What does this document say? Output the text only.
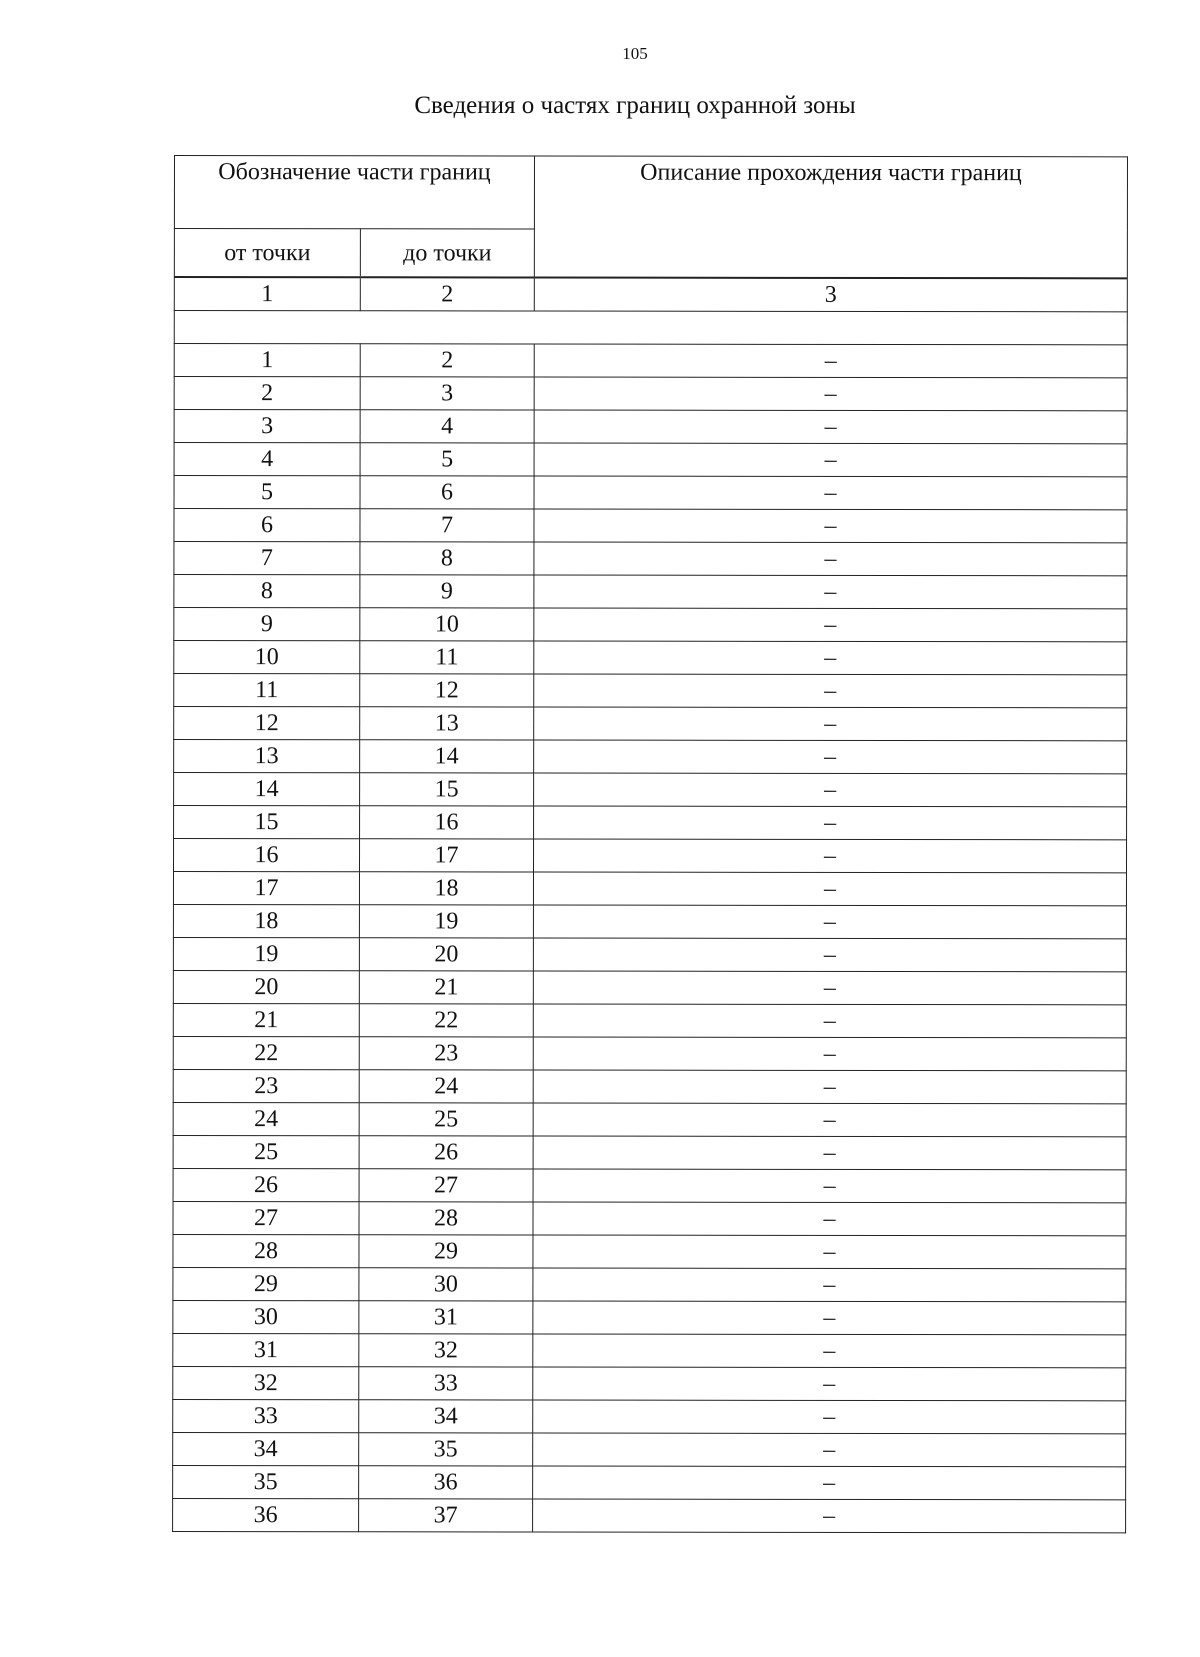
105
Сведения о частях границ охранной зоны
Обозначение части границ		Описание прохождения части границ
от точки	до точки	
1	2	3

1	2	–
2	3	–
3	4	–
4	5	–
5	6	–
6	7	–
7	8	–
8	9	–
9	10	–
10	11	–
11	12	–
12	13	–
13	14	–
14	15	–
15	16	–
16	17	–
17	18	–
18	19	–
19	20	–
20	21	–
21	22	–
22	23	–
23	24	–
24	25	–
25	26	–
26	27	–
27	28	–
28	29	–
29	30	–
30	31	–
31	32	–
32	33	–
33	34	–
34	35	–
35	36	–
36	37	–
